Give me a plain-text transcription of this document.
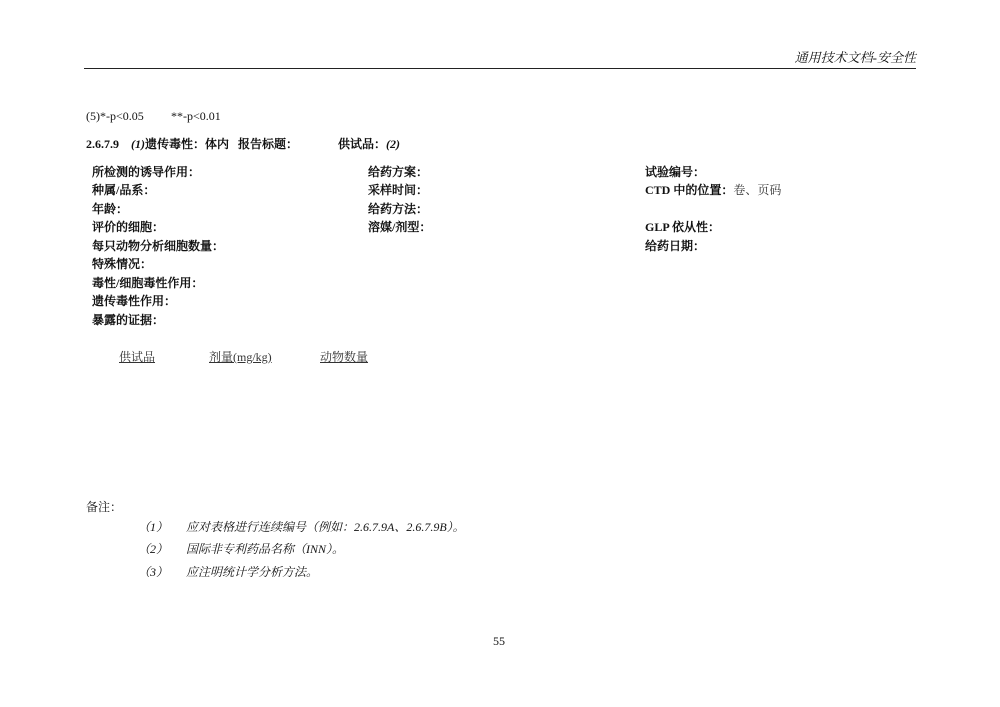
通用技术文档-安全性
(5)*-p<0.05 **-p<0.01
2.6.7.9 (1)遗传毒性：体内 报告标题：	供试品：(2)
所检测的诱导作用：
种属/品系：
年龄：
评价的细胞：
每只动物分析细胞数量：
特殊情况：
毒性/细胞毒性作用：
遗传毒性作用：
暴露的证据：
给药方案：
采样时间：
给药方法：
溶媒/剂型：
试验编号：
CTD 中的位置：卷、页码
GLP 依从性：
给药日期：
供试品	剂量(mg/kg)	动物数量
备注：
（1） 应对表格进行连续编号（例如：2.6.7.9A、2.6.7.9B）。
（2） 国际非专利药品名称（INN）。
（3） 应注明统计学分析方法。
55
